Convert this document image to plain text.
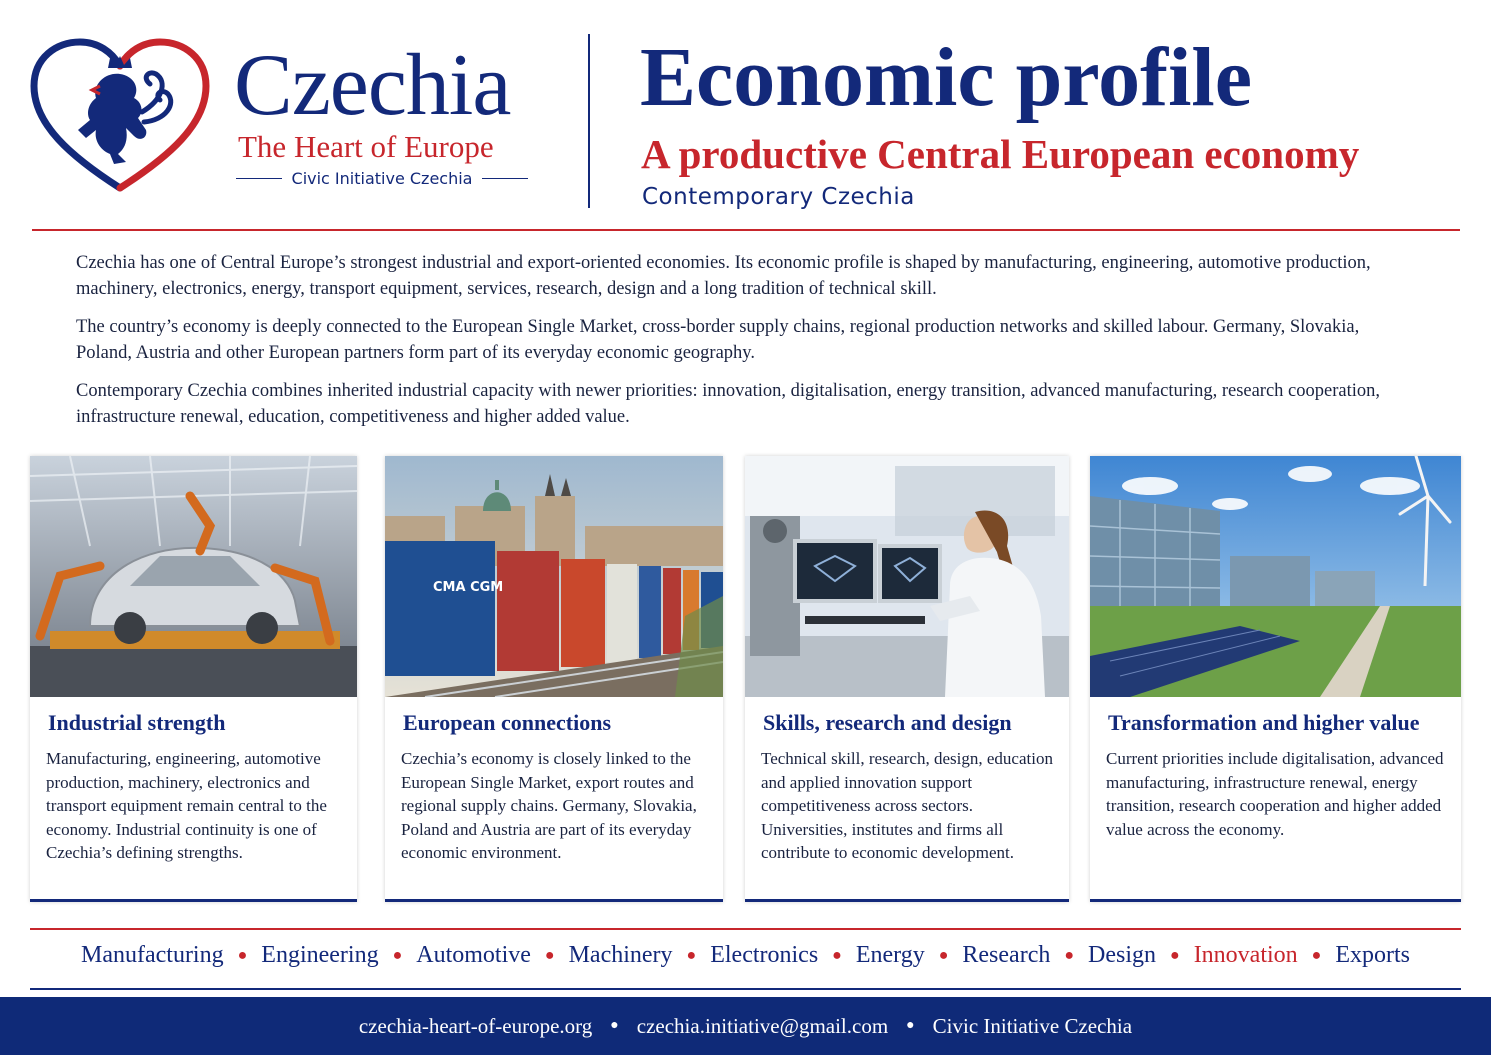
Czechia
The Heart of Europe
Civic Initiative Czechia
Economic profile
A productive Central European economy
Contemporary Czechia

Czechia has one of Central Europe’s strongest industrial and export-oriented economies. Its economic profile is shaped by manufacturing, engineering, automotive production, machinery, electronics, energy, transport equipment, services, research, design and a long tradition of technical skill.

The country’s economy is deeply connected to the European Single Market, cross-border supply chains, regional production networks and skilled labour. Germany, Slovakia, Poland, Austria and other European partners form part of its everyday economic geography.

Contemporary Czechia combines inherited industrial capacity with newer priorities: innovation, digitalisation, energy transition, advanced manufacturing, research cooperation, infrastructure renewal, education, competitiveness and higher added value.

Industrial strength

Manufacturing, engineering, automotive production, machinery, electronics and transport equipment remain central to the economy. Industrial continuity is one of Czechia’s defining strengths.

CMA CGM
European connections

Czechia’s economy is closely linked to the European Single Market, export routes and regional supply chains. Germany, Slovakia, Poland and Austria are part of its everyday economic environment.

Skills, research and design

Technical skill, research, design, education and applied innovation support competitiveness across sectors. Universities, institutes and firms all contribute to economic development.

Transformation and higher value

Current priorities include digitalisation, advanced manufacturing, infrastructure renewal, energy transition, research cooperation and higher added value across the economy.

Manufacturing ● Engineering ● Automotive ● Machinery ● Electronics ● Energy ● Research ● Design ● Innovation ● Exports
czechia-heart-of-europe.org ● czechia.initiative@gmail.com ● Civic Initiative Czechia
